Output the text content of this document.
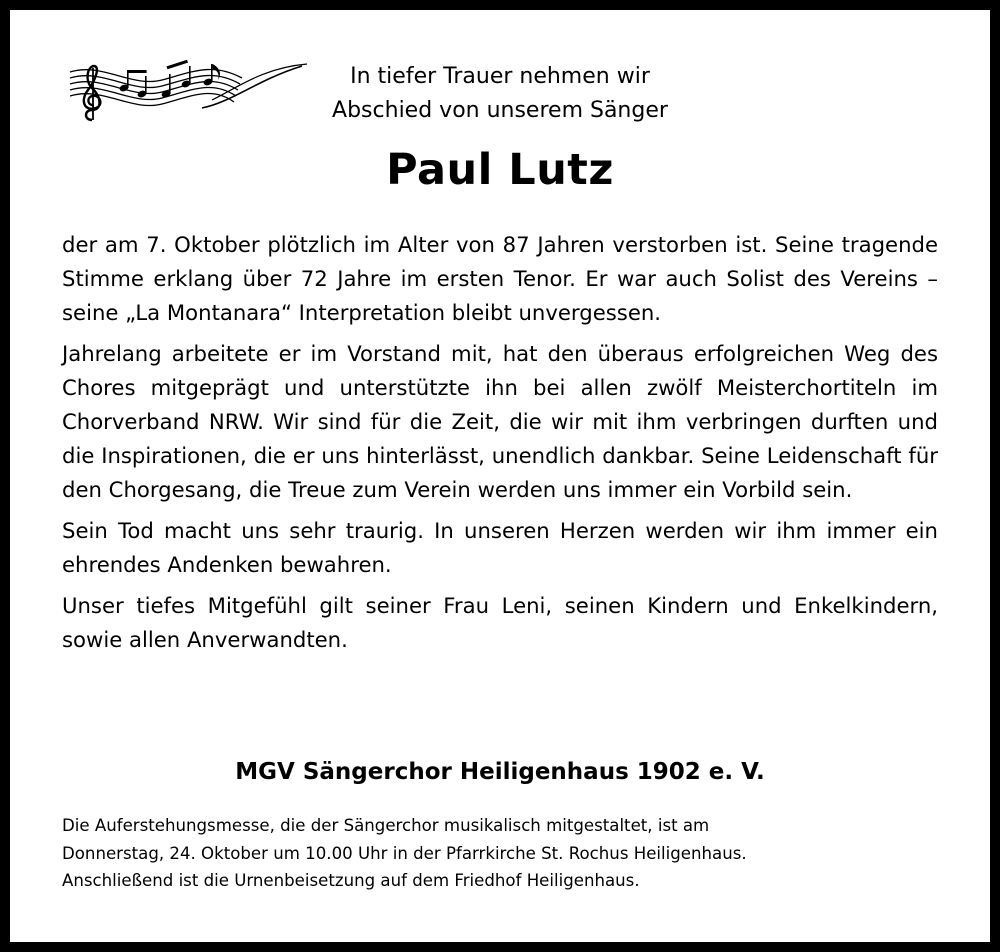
In tiefer Trauer nehmen wir
Abschied von unserem Sänger
Paul Lutz

der am 7. Oktober plötzlich im Alter von 87 Jahren verstorben ist. Seine tragende Stimme erklang über 72 Jahre im ersten Tenor. Er war auch Solist des Vereins – seine „La Montanara“ Interpretation bleibt unvergessen.

Jahrelang arbeitete er im Vorstand mit, hat den überaus erfolgreichen Weg des Chores mitgeprägt und unterstützte ihn bei allen zwölf Meisterchortiteln im Chorverband NRW. Wir sind für die Zeit, die wir mit ihm verbringen durften und die Inspirationen, die er uns hinterlässt, unendlich dankbar. Seine Leidenschaft für den Chorgesang, die Treue zum Verein werden uns immer ein Vorbild sein.

Sein Tod macht uns sehr traurig. In unseren Herzen werden wir ihm immer ein ehrendes Andenken bewahren.

Unser tiefes Mitgefühl gilt seiner Frau Leni, seinen Kindern und Enkelkindern, sowie allen Anverwandten.

MGV Sängerchor Heiligenhaus 1902 e. V.
Die Auferstehungsmesse, die der Sängerchor musikalisch mitgestaltet, ist am
Donnerstag, 24. Oktober um 10.00 Uhr in der Pfarrkirche St. Rochus Heiligenhaus.
Anschließend ist die Urnenbeisetzung auf dem Friedhof Heiligenhaus.
